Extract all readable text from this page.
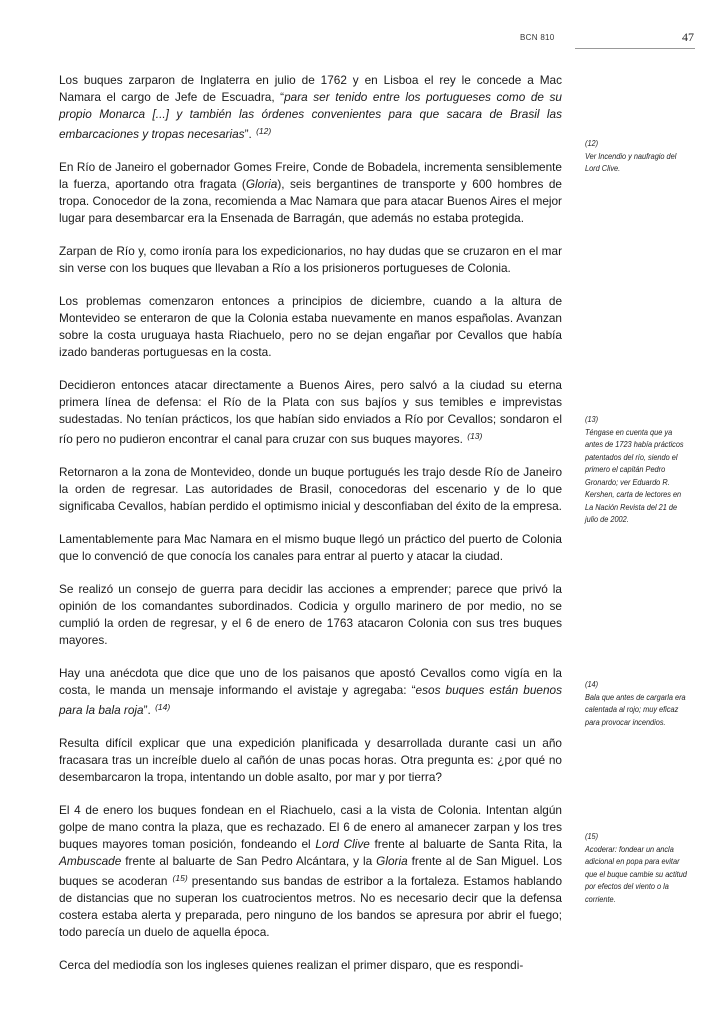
BCN 810	47

Los buques zarparon de Inglaterra en julio de 1762 y en Lisboa el rey le concede a Mac Namara el cargo de Jefe de Escuadra, “para ser tenido entre los portugueses como de su propio Monarca [...] y también las órdenes convenientes para que sacara de Brasil las embarcaciones y tropas necesarias”. $^{(12)}$

En Río de Janeiro el gobernador Gomes Freire, Conde de Bobadela, incrementa sensiblemente la fuerza, aportando otra fragata (Gloria), seis bergantines de transporte y 600 hombres de tropa. Conocedor de la zona, recomienda a Mac Namara que para atacar Buenos Aires el mejor lugar para desembarcar era la Ensenada de Barragán, que además no estaba protegida.

Zarpan de Río y, como ironía para los expedicionarios, no hay dudas que se cruzaron en el mar sin verse con los buques que llevaban a Río a los prisioneros portugueses de Colonia.

Los problemas comenzaron entonces a principios de diciembre, cuando a la altura de Montevideo se enteraron de que la Colonia estaba nuevamente en manos españolas. Avanzan sobre la costa uruguaya hasta Riachuelo, pero no se dejan engañar por Cevallos que había izado banderas portuguesas en la costa.

Decidieron entonces atacar directamente a Buenos Aires, pero salvó a la ciudad su eterna primera línea de defensa: el Río de la Plata con sus bajíos y sus temibles e imprevistas sudestadas. No tenían prácticos, los que habían sido enviados a Río por Cevallos; sondaron el río pero no pudieron encontrar el canal para cruzar con sus buques mayores. $^{(13)}$

Retornaron a la zona de Montevideo, donde un buque portugués les trajo desde Río de Janeiro la orden de regresar. Las autoridades de Brasil, conocedoras del escenario y de lo que significaba Cevallos, habían perdido el optimismo inicial y desconfiaban del éxito de la empresa.

Lamentablemente para Mac Namara en el mismo buque llegó un práctico del puerto de Colonia que lo convenció de que conocía los canales para entrar al puerto y atacar la ciudad.

Se realizó un consejo de guerra para decidir las acciones a emprender; parece que privó la opinión de los comandantes subordinados. Codicia y orgullo marinero de por medio, no se cumplió la orden de regresar, y el 6 de enero de 1763 atacaron Colonia con sus tres buques mayores.

Hay una anécdota que dice que uno de los paisanos que apostó Cevallos como vigía en la costa, le manda un mensaje informando el avistaje y agregaba: “esos buques están buenos para la bala roja”. $^{(14)}$

Resulta difícil explicar que una expedición planificada y desarrollada durante casi un año fracasara tras un increíble duelo al cañón de unas pocas horas. Otra pregunta es: ¿por qué no desembarcaron la tropa, intentando un doble asalto, por mar y por tierra?

El 4 de enero los buques fondean en el Riachuelo, casi a la vista de Colonia. Intentan algún golpe de mano contra la plaza, que es rechazado. El 6 de enero al amanecer zarpan y los tres buques mayores toman posición, fondeando el Lord Clive frente al baluarte de Santa Rita, la Ambuscade frente al baluarte de San Pedro Alcántara, y la Gloria frente al de San Miguel. Los buques se acoderan $^{(15)}$ presentando sus bandas de estribor a la fortaleza. Estamos hablando de distancias que no superan los cuatrocientos metros. No es necesario decir que la defensa costera estaba alerta y preparada, pero ninguno de los bandos se apresura por abrir el fuego; todo parecía un duelo de aquella época.

Cerca del mediodía son los ingleses quienes realizan el primer disparo, que es respondi-

(12)
Ver Incendio y naufragio del Lord Clive.
(13)
Téngase en cuenta que ya antes de 1723 había prácticos patentados del río, siendo el primero el capitán Pedro Gronardo; ver Eduardo R. Kershen, carta de lectores en La Nación Revista del 21 de julio de 2002.
(14)
Bala que antes de cargarla era calentada al rojo; muy eficaz para provocar incendios.
(15)
Acoderar: fondear un ancla adicional en popa para evitar que el buque cambie su actitud por efectos del viento o la corriente.
